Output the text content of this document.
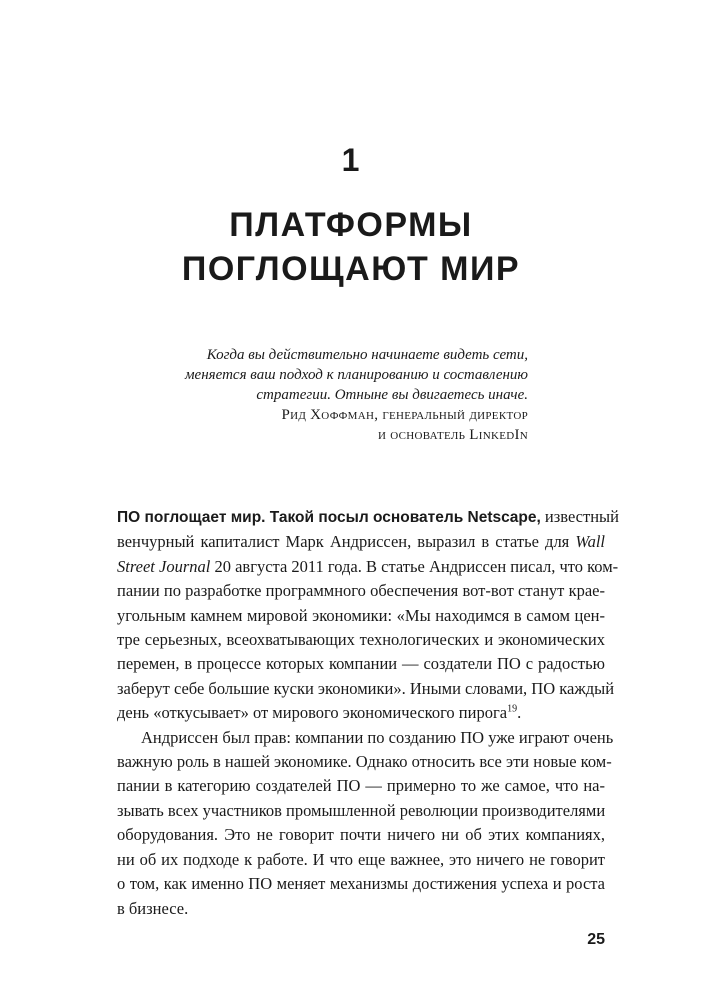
1
ПЛАТФОРМЫ
ПОГЛОЩАЮТ МИР
Когда вы действительно начинаете видеть сети,
меняется ваш подход к планированию и составлению
стратегии. Отныне вы двигаетесь иначе.
Рид Хоффман, генеральный директор
и основатель LinkedIn
ПО поглощает мир. Такой посыл основатель Netscape, известный
венчурный капиталист Марк Андриссен, выразил в статье для Wall
Street Journal 20 августа 2011 года. В статье Андриссен писал, что ком-
пании по разработке программного обеспечения вот-вот станут крае-
угольным камнем мировой экономики: «Мы находимся в самом цен-
тре серьезных, всеохватывающих технологических и экономических
перемен, в процессе которых компании — создатели ПО с радостью
заберут себе большие куски экономики». Иными словами, ПО каждый
день «откусывает» от мирового экономического пирога$^{19}$.
Андриссен был прав: компании по созданию ПО уже играют очень
важную роль в нашей экономике. Однако относить все эти новые ком-
пании в категорию создателей ПО — примерно то же самое, что на-
зывать всех участников промышленной революции производителями
оборудования. Это не говорит почти ничего ни об этих компаниях,
ни об их подходе к работе. И что еще важнее, это ничего не говорит
о том, как именно ПО меняет механизмы достижения успеха и роста
в бизнесе.
25
